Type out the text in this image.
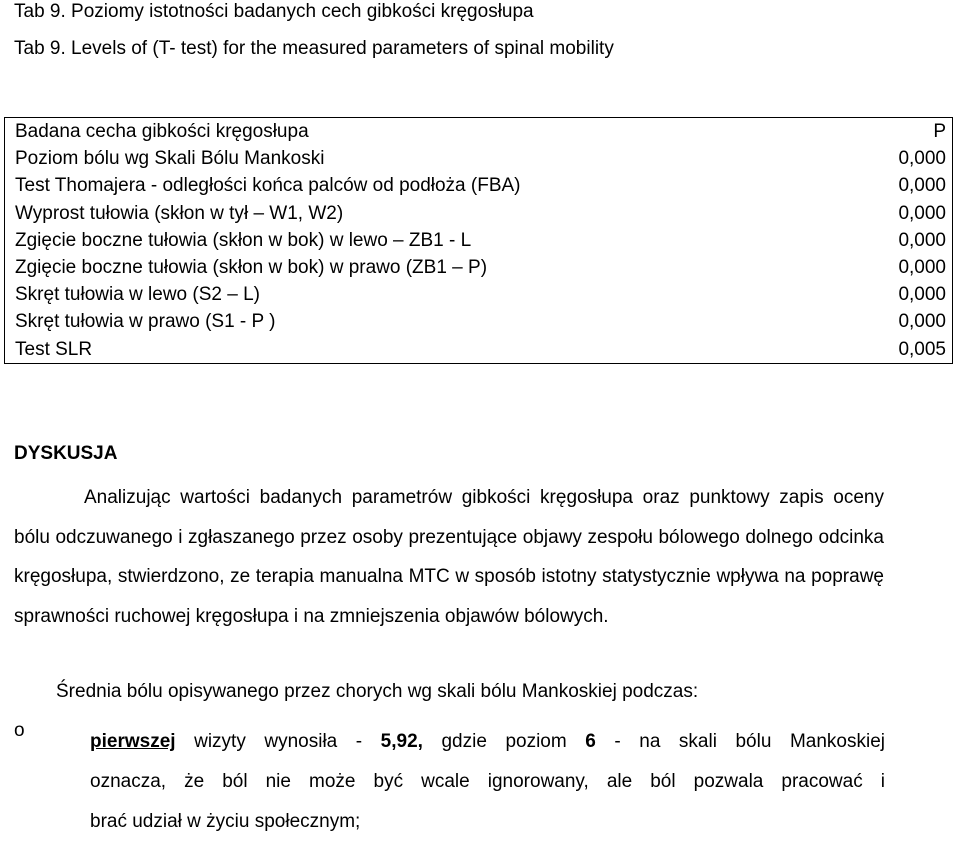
Tab 9. Poziomy istotności badanych cech gibkości kręgosłupa
Tab 9. Levels of (T- test) for the measured parameters of spinal mobility
Badana cecha gibkości kręgosłupa	P
Poziom bólu wg Skali Bólu Mankoski	0,000
Test Thomajera - odległości końca palców od podłoża (FBA)	0,000
Wyprost tułowia (skłon w tył – W1, W2)	0,000
Zgięcie boczne tułowia (skłon w bok) w lewo – ZB1 - L	0,000
Zgięcie boczne tułowia (skłon w bok) w prawo (ZB1 – P)	0,000
Skręt tułowia w lewo (S2 – L)	0,000
Skręt tułowia w prawo (S1 - P )	0,000
Test SLR	0,005
DYSKUSJA

Analizując wartości badanych parametrów gibkości kręgosłupa oraz punktowy zapis oceny bólu odczuwanego i zgłaszanego przez osoby prezentujące objawy zespołu bólowego dolnego odcinka kręgosłupa, stwierdzono, ze terapia manualna MTC w sposób istotny statystycznie wpływa na poprawę sprawności ruchowej kręgosłupa i na zmniejszenia objawów bólowych.

Średnia bólu opisywanego przez chorych wg skali bólu Mankoskiej podczas:
o

pierwszej wizyty wynosiła - 5,92, gdzie poziom 6 - na skali bólu Mankoskiej

oznacza, że ból nie może być wcale ignorowany, ale ból pozwala pracować i

brać udział w życiu społecznym;
